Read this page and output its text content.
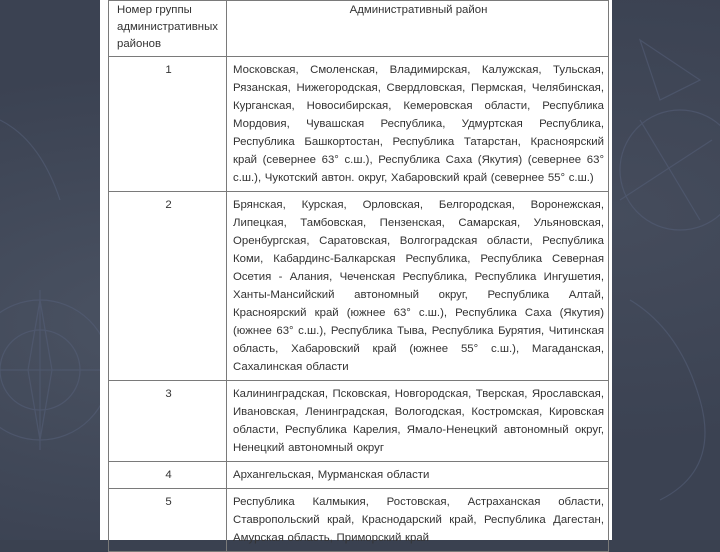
Номер группы административных районов	Административный район
1	Московская, Смоленская, Владимирская, Калужская, Тульская, Рязанская, Нижегородская, Свердловская, Пермская, Челябинская, Курганская, Новосибирская, Кемеровская области, Республика Мордовия, Чувашская Республика, Удмуртская Республика, Республика Башкортостан, Республика Татарстан, Красноярский край (севернее 63° с.ш.), Республика Саха (Якутия) (севернее 63° с.ш.), Чукотский автон. округ, Хабаровский край (севернее 55° с.ш.)
2	Брянская, Курская, Орловская, Белгородская, Воронежская, Липецкая, Тамбовская, Пензенская, Самарская, Ульяновская, Оренбургская, Саратовская, Волгоградская области, Республика Коми, Кабардинс-Балкарская Республика, Республика Северная Осетия - Алания, Чеченская Республика, Республика Ингушетия, Ханты-Мансийский автономный округ, Республика Алтай, Красноярский край (южнее 63° с.ш.), Республика Саха (Якутия) (южнее 63° с.ш.), Республика Тыва, Республика Бурятия, Читинская область, Хабаровский край (южнее 55° с.ш.), Магаданская, Сахалинская области
3	Калининградская, Псковская, Новгородская, Тверская, Ярославская, Ивановская, Ленинградская, Вологодская, Костромская, Кировская области, Республика Карелия, Ямало-Ненецкий автономный округ, Ненецкий автономный округ
4	Архангельская, Мурманская области
5	Республика Калмыкия, Ростовская, Астраханская области, Ставропольский край, Краснодарский край, Республика Дагестан, Амурская область, Приморский край
